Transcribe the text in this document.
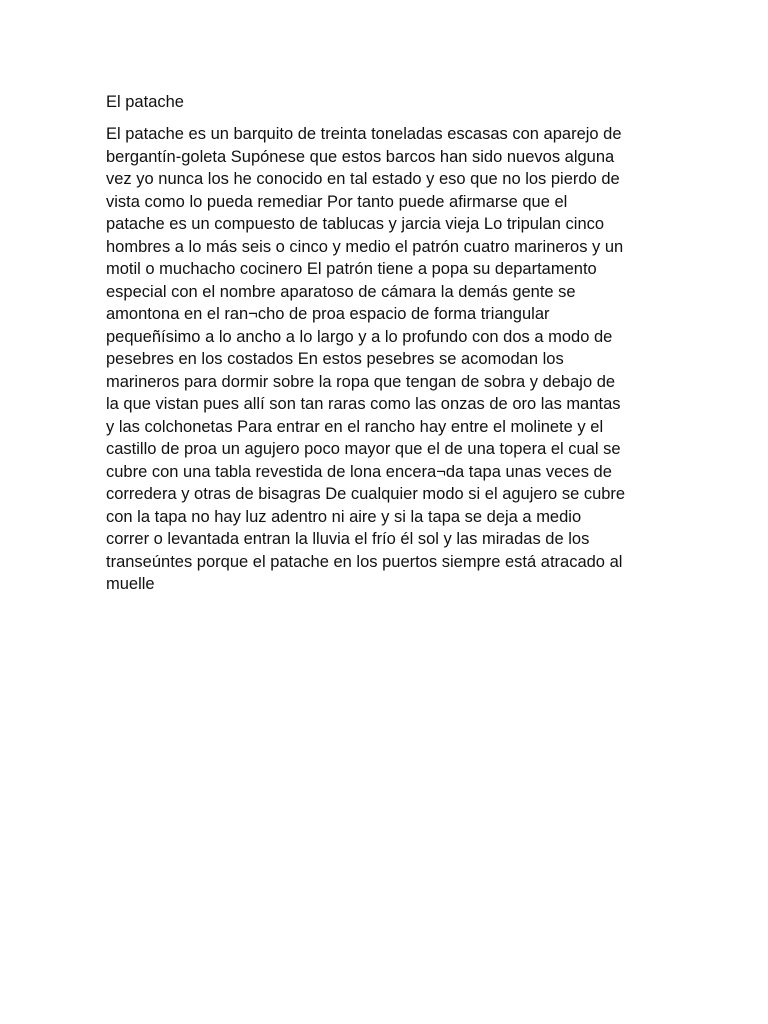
El patache

El patache es un barquito de treinta toneladas escasas con aparejo de
bergantín-goleta Supónese que estos barcos han sido nuevos alguna
vez yo nunca los he conocido en tal estado y eso que no los pierdo de
vista como lo pueda remediar Por tanto puede afirmarse que el
patache es un compuesto de tablucas y jarcia vieja Lo tripulan cinco
hombres a lo más seis o cinco y medio el patrón cuatro marineros y un
motil o muchacho cocinero El patrón tiene a popa su departamento
especial con el nombre aparatoso de cámara la demás gente se
amontona en el ran¬cho de proa espacio de forma triangular
pequeñísimo a lo ancho a lo largo y a lo profundo con dos a modo de
pesebres en los costados En estos pesebres se acomodan los
marineros para dormir sobre la ropa que tengan de sobra y debajo de
la que vistan pues allí son tan raras como las onzas de oro las mantas
y las colchonetas Para entrar en el rancho hay entre el molinete y el
castillo de proa un agujero poco mayor que el de una topera el cual se
cubre con una tabla revestida de lona encera¬da tapa unas veces de
corredera y otras de bisagras De cualquier modo si el agujero se cubre
con la tapa no hay luz adentro ni aire y si la tapa se deja a medio
correr o levantada entran la lluvia el frío él sol y las miradas de los
transeúntes porque el patache en los puertos siempre está atracado al
muelle
